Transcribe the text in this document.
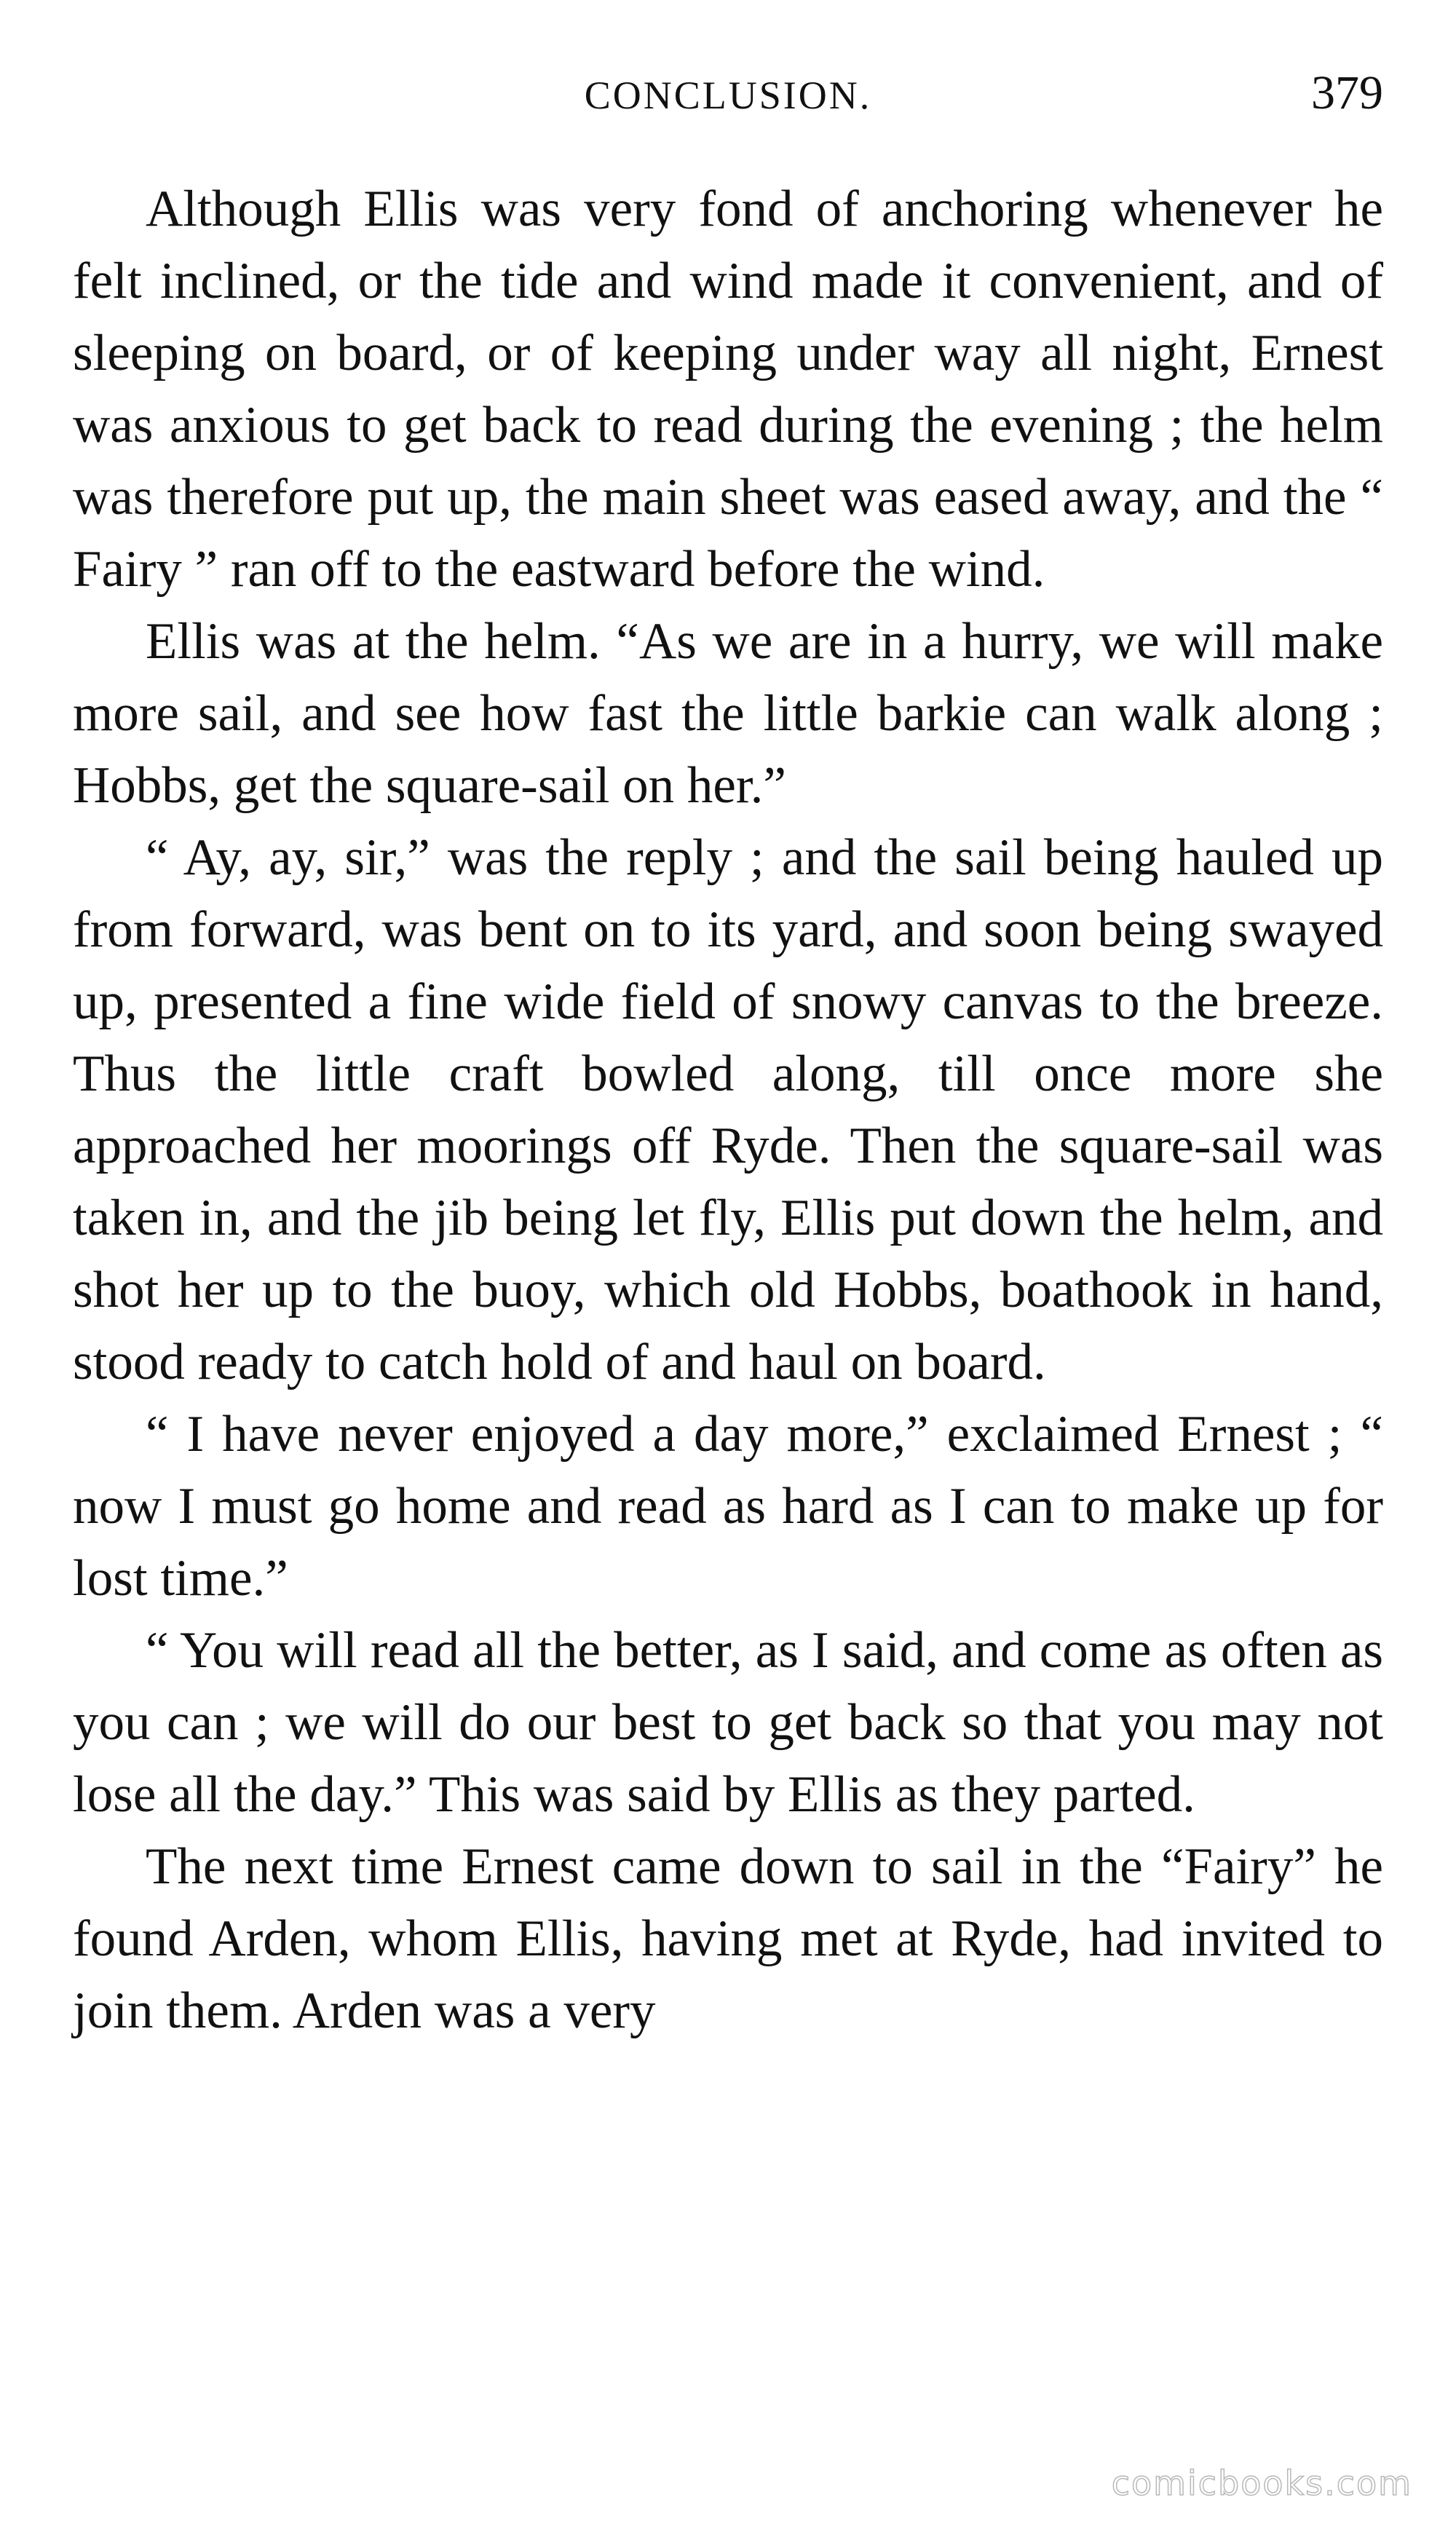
CONCLUSION.	379

Although Ellis was very fond of anchoring whenever he felt inclined, or the tide and wind made it convenient, and of sleeping on board, or of keeping under way all night, Ernest was anxious to get back to read during the evening ; the helm was therefore put up, the main sheet was eased away, and the “ Fairy ” ran off to the eastward before the wind.

Ellis was at the helm. “As we are in a hurry, we will make more sail, and see how fast the little barkie can walk along ; Hobbs, get the square-sail on her.”

“ Ay, ay, sir,” was the reply ; and the sail being hauled up from forward, was bent on to its yard, and soon being swayed up, presented a fine wide field of snowy canvas to the breeze. Thus the little craft bowled along, till once more she approached her moorings off Ryde. Then the square-sail was taken in, and the jib being let fly, Ellis put down the helm, and shot her up to the buoy, which old Hobbs, boathook in hand, stood ready to catch hold of and haul on board.

“ I have never enjoyed a day more,” exclaimed Ernest ; “ now I must go home and read as hard as I can to make up for lost time.”

“ You will read all the better, as I said, and come as often as you can ; we will do our best to get back so that you may not lose all the day.” This was said by Ellis as they parted.

The next time Ernest came down to sail in the “Fairy” he found Arden, whom Ellis, having met at Ryde, had invited to join them. Arden was a very

comicbooks.com
